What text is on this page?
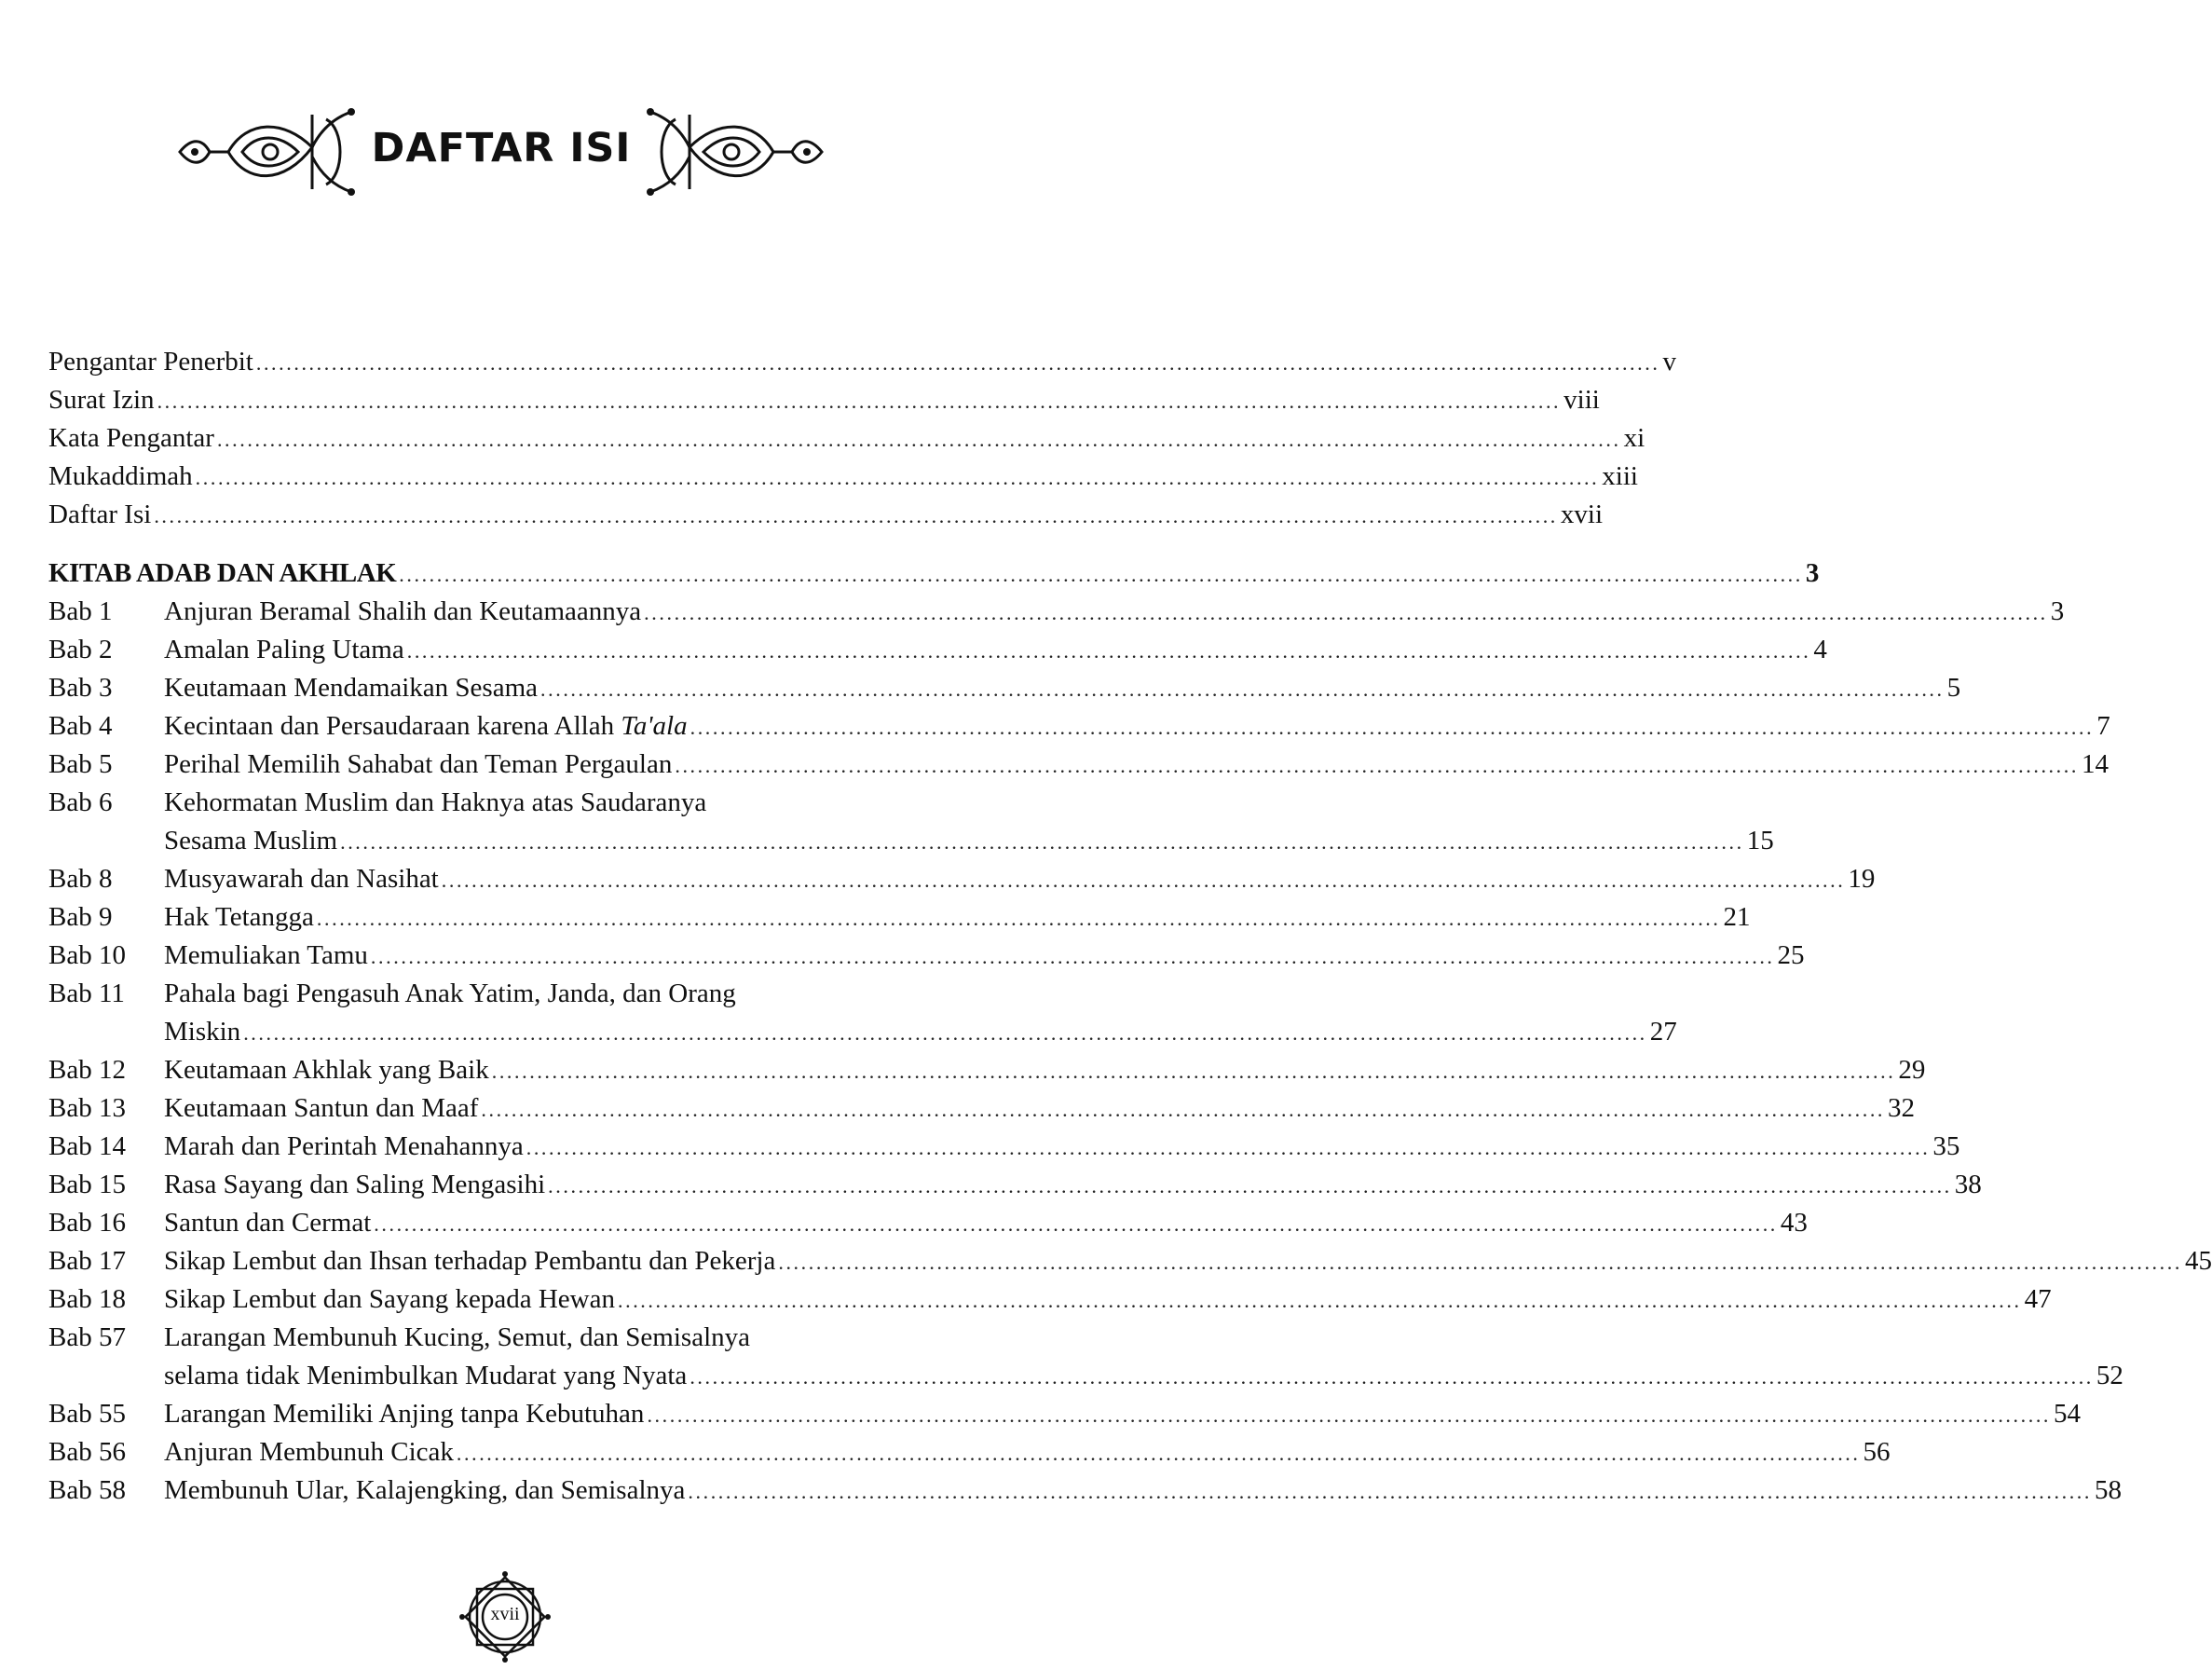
DAFTAR ISI
Pengantar Penerbit .....	v
Surat Izin .....	viii
Kata Pengantar .....	xi
Mukaddimah .....	xiii
Daftar Isi .....	xvii
KITAB ADAB DAN AKHLAK .....	3
Bab 1	Anjuran Beramal Shalih dan Keutamaannya .....	3
Bab 2	Amalan Paling Utama .....	4
Bab 3	Keutamaan Mendamaikan Sesama .....	5
Bab 4	Kecintaan dan Persaudaraan karena Allah Ta'ala .....	7
Bab 5	Perihal Memilih Sahabat dan Teman Pergaulan .....	14
Bab 6	Kehormatan Muslim dan Haknya atas Saudaranya
Sesama Muslim .....	15
Bab 8	Musyawarah dan Nasihat .....	19
Bab 9	Hak Tetangga .....	21
Bab 10	Memuliakan Tamu .....	25
Bab 11	Pahala bagi Pengasuh Anak Yatim, Janda, dan Orang
Miskin .....	27
Bab 12	Keutamaan Akhlak yang Baik .....	29
Bab 13	Keutamaan Santun dan Maaf .....	32
Bab 14	Marah dan Perintah Menahannya .....	35
Bab 15	Rasa Sayang dan Saling Mengasihi .....	38
Bab 16	Santun dan Cermat .....	43
Bab 17	Sikap Lembut dan Ihsan terhadap Pembantu dan Pekerja .....	45
Bab 18	Sikap Lembut dan Sayang kepada Hewan .....	47
Bab 57	Larangan Membunuh Kucing, Semut, dan Semisalnya
selama tidak Menimbulkan Mudarat yang Nyata .....	52
Bab 55	Larangan Memiliki Anjing tanpa Kebutuhan .....	54
Bab 56	Anjuran Membunuh Cicak .....	56
Bab 58	Membunuh Ular, Kalajengking, dan Semisalnya .....	58
xvii
